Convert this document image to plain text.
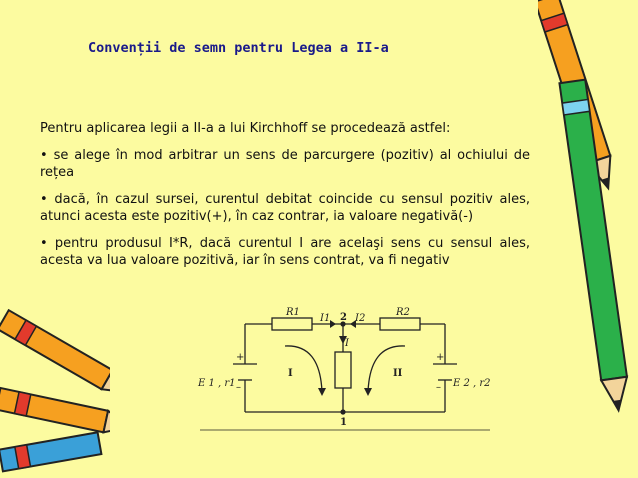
Convenții de semn pentru Legea a II-a

Pentru aplicarea legii a II-a a lui Kirchhoff se procedează astfel:

• se alege în mod arbitrar un sens de parcurgere (pozitiv) al ochiului de rețea

• dacă, în cazul sursei, curentul debitat coincide cu sensul pozitiv ales, atunci acesta este pozitiv(+), în caz contrar, ia valoare negativă(-)

• pentru produsul I*R, dacă curentul I are acelaşi sens cu sensul ales, acesta va lua valoare pozitivă, iar în sens contrat, va fi negativ

R1	R2
I1 I2
I
2
1
I	II
E 1 , r1	E 2 , r2
+
–
+
–
